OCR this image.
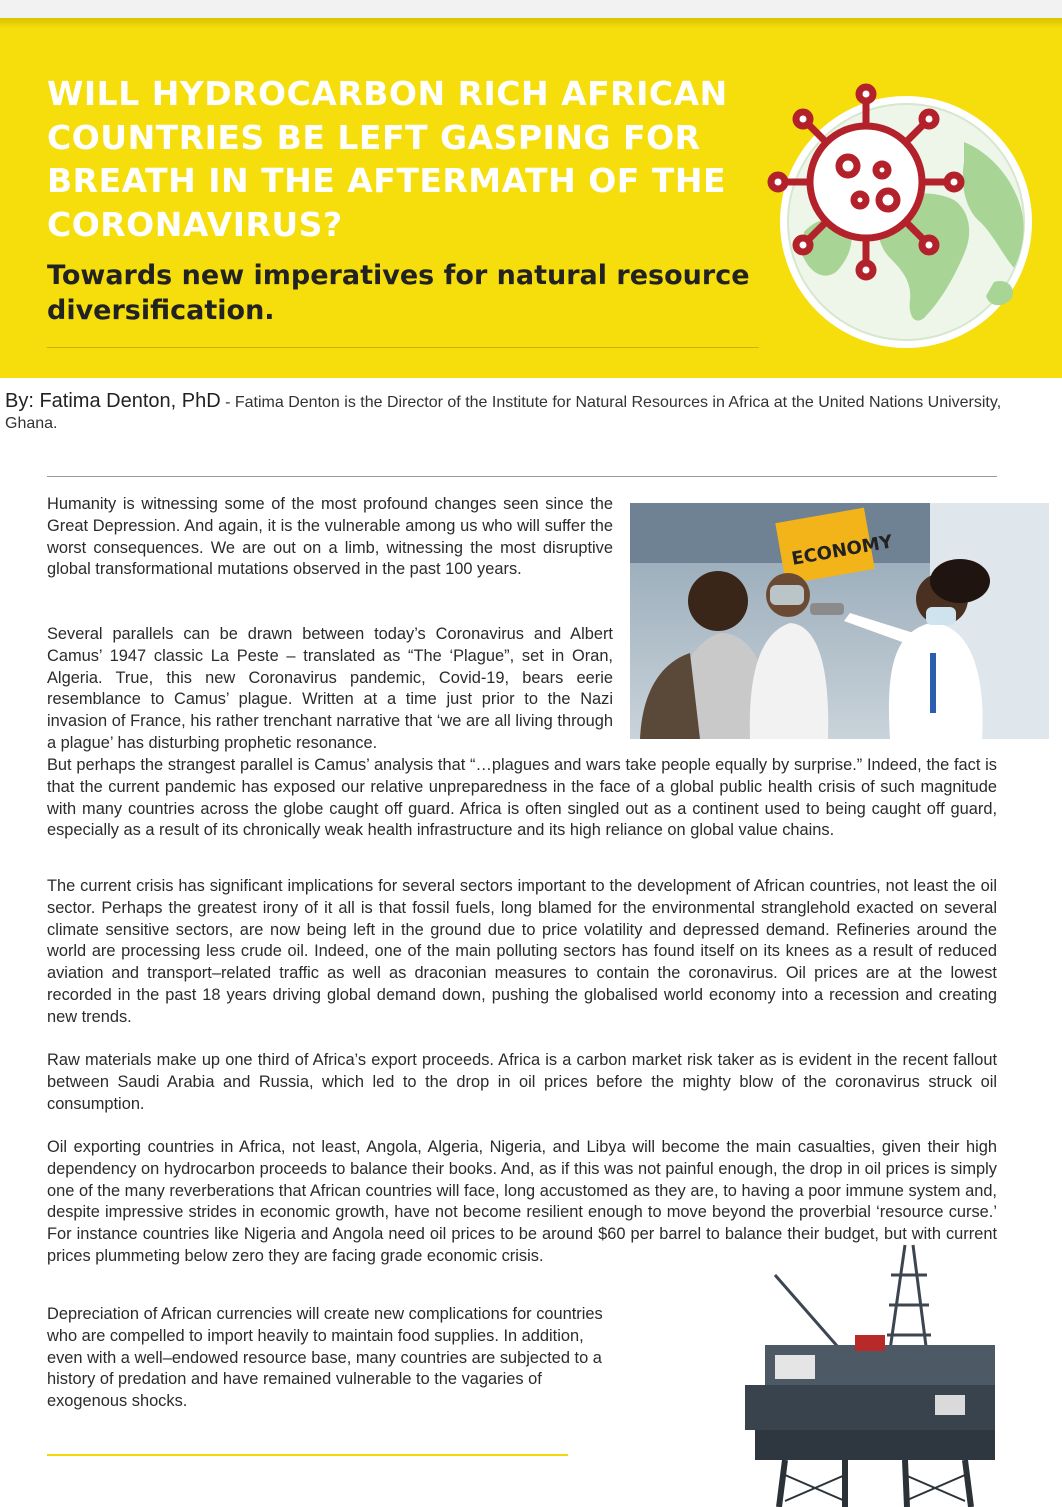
WILL HYDROCARBON RICH AFRICAN COUNTRIES BE LEFT GASPING FOR BREATH IN THE AFTERMATH OF THE CORONAVIRUS?
Towards new imperatives for natural resource diversification.
By: Fatima Denton, PhD - Fatima Denton is the Director of the Institute for Natural Resources in Africa at the United Nations University, Ghana.
ECONOMY

Humanity is witnessing some of the most profound changes seen since the Great Depression. And again, it is the vulnerable among us who will suffer the worst consequences. We are out on a limb, witnessing the most disruptive global transformational mutations observed in the past 100 years.

Several parallels can be drawn between today’s Coronavirus and Albert Camus’ 1947 classic La Peste – translated as “The ‘Plague”, set in Oran, Algeria. True, this new Coronavirus pandemic, Covid-19, bears eerie resemblance to Camus’ plague. Written at a time just prior to the Nazi invasion of France, his rather trenchant narrative that ‘we are all living through a plague’ has disturbing prophetic resonance.

But perhaps the strangest parallel is Camus’ analysis that “…plagues and wars take people equally by surprise.” Indeed, the fact is that the current pandemic has exposed our relative unpreparedness in the face of a global public health crisis of such magnitude with many countries across the globe caught off guard. Africa is often singled out as a continent used to being caught off guard, especially as a result of its chronically weak health infrastructure and its high reliance on global value chains.

The current crisis has significant implications for several sectors important to the development of African countries, not least the oil sector. Perhaps the greatest irony of it all is that fossil fuels, long blamed for the environmental stranglehold exacted on several climate sensitive sectors, are now being left in the ground due to price volatility and depressed demand. Refineries around the world are processing less crude oil. Indeed, one of the main polluting sectors has found itself on its knees as a result of reduced aviation and transport–related traffic as well as draconian measures to contain the coronavirus. Oil prices are at the lowest recorded in the past 18 years driving global demand down, pushing the globalised world economy into a recession and creating new trends.

Raw materials make up one third of Africa’s export proceeds. Africa is a carbon market risk taker as is evident in the recent fallout between Saudi Arabia and Russia, which led to the drop in oil prices before the mighty blow of the coronavirus struck oil consumption.

Oil exporting countries in Africa, not least, Angola, Algeria, Nigeria, and Libya will become the main casualties, given their high dependency on hydrocarbon proceeds to balance their books. And, as if this was not painful enough, the drop in oil prices is simply one of the many reverberations that African countries will face, long accustomed as they are, to having a poor immune system and, despite impressive strides in economic growth, have not become resilient enough to move beyond the proverbial ‘resource curse.’ For instance countries like Nigeria and Angola need oil prices to be around $60 per barrel to balance their budget, but with current prices plummeting below zero they are facing grade economic crisis.

Depreciation of African currencies will create new complications for countries who are compelled to import heavily to maintain food supplies. In addition, even with a well–endowed resource base, many countries are subjected to a history of predation and have remained vulnerable to the vagaries of exogenous shocks.
